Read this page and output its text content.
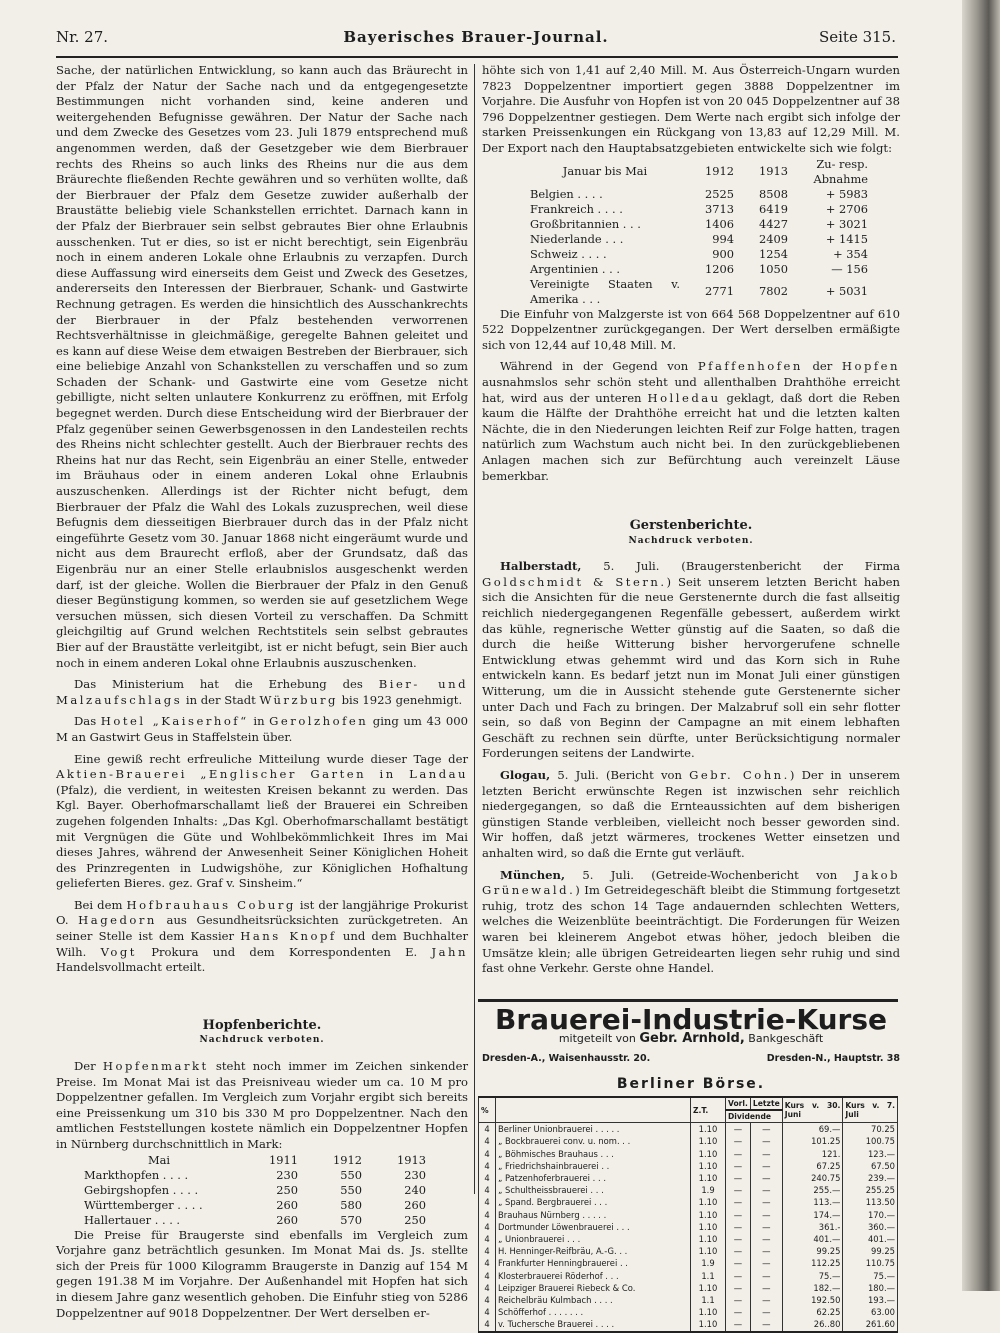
Nr. 27.	Bayerisches Brauer-Journal.	Seite 315.

Sache, der natürlichen Entwicklung, so kann auch das Bräurecht in der Pfalz der Natur der Sache nach und da entgegengesetzte Bestimmungen nicht vorhanden sind, keine anderen und weitergehenden Befugnisse gewähren. Der Natur der Sache nach und dem Zwecke des Gesetzes vom 23. Juli 1879 entsprechend muß angenommen werden, daß der Gesetzgeber wie dem Bierbrauer rechts des Rheins so auch links des Rheins nur die aus dem Bräurechte fließenden Rechte gewähren und so verhüten wollte, daß der Bierbrauer der Pfalz dem Gesetze zuwider außerhalb der Braustätte beliebig viele Schankstellen errichtet. Darnach kann in der Pfalz der Bierbrauer sein selbst gebrautes Bier ohne Erlaubnis ausschenken. Tut er dies, so ist er nicht berechtigt, sein Eigenbräu noch in einem anderen Lokale ohne Erlaubnis zu verzapfen. Durch diese Auffassung wird einerseits dem Geist und Zweck des Gesetzes, andererseits den Interessen der Bierbrauer, Schank- und Gastwirte Rechnung getragen. Es werden die hinsichtlich des Ausschankrechts der Bierbrauer in der Pfalz bestehenden verworrenen Rechtsverhältnisse in gleichmäßige, geregelte Bahnen geleitet und es kann auf diese Weise dem etwaigen Bestreben der Bierbrauer, sich eine beliebige Anzahl von Schankstellen zu verschaffen und so zum Schaden der Schank- und Gastwirte eine vom Gesetze nicht gebilligte, nicht selten unlautere Konkurrenz zu eröffnen, mit Erfolg begegnet werden. Durch diese Entscheidung wird der Bierbrauer der Pfalz gegenüber seinen Gewerbsgenossen in den Landesteilen rechts des Rheins nicht schlechter gestellt. Auch der Bierbrauer rechts des Rheins hat nur das Recht, sein Eigenbräu an einer Stelle, entweder im Bräuhaus oder in einem anderen Lokal ohne Erlaubnis auszuschenken. Allerdings ist der Richter nicht befugt, dem Bierbrauer der Pfalz die Wahl des Lokals zuzusprechen, weil diese Befugnis dem diesseitigen Bierbrauer durch das in der Pfalz nicht eingeführte Gesetz vom 30. Januar 1868 nicht eingeräumt wurde und nicht aus dem Braurecht erfloß, aber der Grundsatz, daß das Eigenbräu nur an einer Stelle erlaubnislos ausgeschenkt werden darf, ist der gleiche. Wollen die Bierbrauer der Pfalz in den Genuß dieser Begünstigung kommen, so werden sie auf gesetzlichem Wege versuchen müssen, sich diesen Vorteil zu verschaffen. Da Schmitt gleichgiltig auf Grund welchen Rechtstitels sein selbst gebrautes Bier auf der Braustätte verleitgibt, ist er nicht befugt, sein Bier auch noch in einem anderen Lokal ohne Erlaubnis auszuschenken.

Das Ministerium hat die Erhebung des Bier- und Malzaufschlags in der Stadt Würzburg bis 1923 genehmigt.

Das Hotel „Kaiserhof“ in Gerolzhofen ging um 43 000 M an Gastwirt Geus in Staffelstein über.

Eine gewiß recht erfreuliche Mitteilung wurde dieser Tage der Aktien-Brauerei „Englischer Garten in Landau (Pfalz), die verdient, in weitesten Kreisen bekannt zu werden. Das Kgl. Bayer. Oberhofmarschallamt ließ der Brauerei ein Schreiben zugehen folgenden Inhalts: „Das Kgl. Oberhofmarschallamt bestätigt mit Vergnügen die Güte und Wohlbekömmlichkeit Ihres im Mai dieses Jahres, während der Anwesenheit Seiner Königlichen Hoheit des Prinzregenten in Ludwigshöhe, zur Königlichen Hofhaltung gelieferten Bieres. gez. Graf v. Sinsheim.“

Bei dem Hofbrauhaus Coburg ist der langjährige Prokurist O. Hagedorn aus Gesundheitsrücksichten zurückgetreten. An seiner Stelle ist dem Kassier Hans Knopf und dem Buchhalter Wilh. Vogt Prokura und dem Korrespondenten E. Jahn Handelsvollmacht erteilt.

Hopfenberichte.
Nachdruck verboten.

Der Hopfenmarkt steht noch immer im Zeichen sinkender Preise. Im Monat Mai ist das Preisniveau wieder um ca. 10 M pro Doppelzentner gefallen. Im Vergleich zum Vorjahr ergibt sich bereits eine Preissenkung um 310 bis 330 M pro Doppelzentner. Nach den amtlichen Feststellungen kostete nämlich ein Doppelzentner Hopfen in Nürnberg durchschnittlich in Mark:

Mai	1911	1912	1913
Markthopfen . . . .	230	550	230
Gebirgshopfen . . . .	250	550	240
Württemberger . . . .	260	580	260
Hallertauer . . . .	260	570	250

Die Preise für Braugerste sind ebenfalls im Vergleich zum Vorjahre ganz beträchtlich gesunken. Im Monat Mai ds. Js. stellte sich der Preis für 1000 Kilogramm Braugerste in Danzig auf 154 M gegen 191.38 M im Vorjahre. Der Außenhandel mit Hopfen hat sich in diesem Jahre ganz wesentlich gehoben. Die Einfuhr stieg von 5286 Doppelzentner auf 9018 Doppelzentner. Der Wert derselben er-

höhte sich von 1,41 auf 2,40 Mill. M. Aus Österreich-Ungarn wurden 7823 Doppelzentner importiert gegen 3888 Doppelzentner im Vorjahre. Die Ausfuhr von Hopfen ist von 20 045 Doppelzentner auf 38 796 Doppelzentner gestiegen. Dem Werte nach ergibt sich infolge der starken Preissenkungen ein Rückgang von 13,83 auf 12,29 Mill. M. Der Export nach den Hauptabsatzgebieten entwickelte sich wie folgt:

Januar bis Mai	1912	1913	Zu- resp. Abnahme
Belgien . . . .	2525	8508	+ 5983
Frankreich . . . .	3713	6419	+ 2706
Großbritannien . . .	1406	4427	+ 3021
Niederlande . . .	994	2409	+ 1415
Schweiz . . . .	900	1254	+ 354
Argentinien . . .	1206	1050	— 156
Vereinigte Staaten v. Amerika . . .	2771	7802	+ 5031

Die Einfuhr von Malzgerste ist von 664 568 Doppelzentner auf 610 522 Doppelzentner zurückgegangen. Der Wert derselben ermäßigte sich von 12,44 auf 10,48 Mill. M.

Während in der Gegend von Pfaffenhofen der Hopfen ausnahmslos sehr schön steht und allenthalben Drahthöhe erreicht hat, wird aus der unteren Holledau geklagt, daß dort die Reben kaum die Hälfte der Drahthöhe erreicht hat und die letzten kalten Nächte, die in den Niederungen leichten Reif zur Folge hatten, tragen natürlich zum Wachstum auch nicht bei. In den zurückgebliebenen Anlagen machen sich zur Befürchtung auch vereinzelt Läuse bemerkbar.

Gerstenberichte.
Nachdruck verboten.

Halberstadt, 5. Juli. (Braugerstenbericht der Firma Goldschmidt & Stern.) Seit unserem letzten Bericht haben sich die Ansichten für die neue Gerstenernte durch die fast allseitig reichlich niedergegangenen Regenfälle gebessert, außerdem wirkt das kühle, regnerische Wetter günstig auf die Saaten, so daß die durch die heiße Witterung bisher hervorgerufene schnelle Entwicklung etwas gehemmt wird und das Korn sich in Ruhe entwickeln kann. Es bedarf jetzt nun im Monat Juli einer günstigen Witterung, um die in Aussicht stehende gute Gerstenernte sicher unter Dach und Fach zu bringen. Der Malzabruf soll ein sehr flotter sein, so daß von Beginn der Campagne an mit einem lebhaften Geschäft zu rechnen sein dürfte, unter Berücksichtigung normaler Forderungen seitens der Landwirte.

Glogau, 5. Juli. (Bericht von Gebr. Cohn.) Der in unserem letzten Bericht erwünschte Regen ist inzwischen sehr reichlich niedergegangen, so daß die Ernteaussichten auf dem bisherigen günstigen Stande verbleiben, vielleicht noch besser geworden sind. Wir hoffen, daß jetzt wärmeres, trockenes Wetter einsetzen und anhalten wird, so daß die Ernte gut verläuft.

München, 5. Juli. (Getreide-Wochenbericht von Jakob Grünewald.) Im Getreidegeschäft bleibt die Stimmung fortgesetzt ruhig, trotz des schon 14 Tage andauernden schlechten Wetters, welches die Weizenblüte beeinträchtigt. Die Forderungen für Weizen waren bei kleinerem Angebot etwas höher, jedoch bleiben die Umsätze klein; alle übrigen Getreidearten liegen sehr ruhig und sind fast ohne Verkehr. Gerste ohne Handel.

Brauerei-Industrie-Kurse
mitgeteilt von Gebr. Arnhold, Bankgeschäft
Dresden-A., Waisenhausstr. 20.	Dresden-N., Hauptstr. 38
Berliner Börse.
%		Z.T.	Vorl.	Letzte	Kurs v. 30. Juni	Kurs v. 7. Juli
			Dividende			
4	Berliner Unionbrauerei . . . . .	1.10	—	—	69.—	70.25
4	„ Bockbrauerei conv. u. nom. . .	1.10	—	—	101.25	100.75
4	„ Böhmisches Brauhaus . . .	1.10	—	—	121.	123.—
4	„ Friedrichshainbrauerei . .	1.10	—	—	67.25	67.50
4	„ Patzenhoferbrauerei . . .	1.10	—	—	240.75	239.—
4	„ Schultheissbrauerei . . .	1.9	—	—	255.—	255.25
4	„ Spand. Bergbrauerei . . .	1.10	—	—	113.—	113.50
4	Brauhaus Nürnberg . . . . .	1.10	—	—	174.—	170.—
4	Dortmunder Löwenbrauerei . . .	1.10	—	—	361.-	360.—
4	„ Unionbrauerei . . .	1.10	—	—	401.—	401.—
4	H. Henninger-Reifbräu, A.-G. . .	1.10	—	—	99.25	99.25
4	Frankfurter Henningbrauerei . .	1.9	—	—	112.25	110.75
4	Klosterbrauerei Röderhof . . .	1.1	—	—	75.—	75.—
4	Leipziger Brauerei Riebeck & Co.	1.10	—	—	182.—	180.—
4	Reichelbräu Kulmbach . . . .	1.1	—	—	192.50	193.—
4	Schöfferhof . . . . . . .	1.10	—	—	62.25	63.00
4	v. Tuchersche Brauerei . . . .	1.10	—	—	26..80	261.60
